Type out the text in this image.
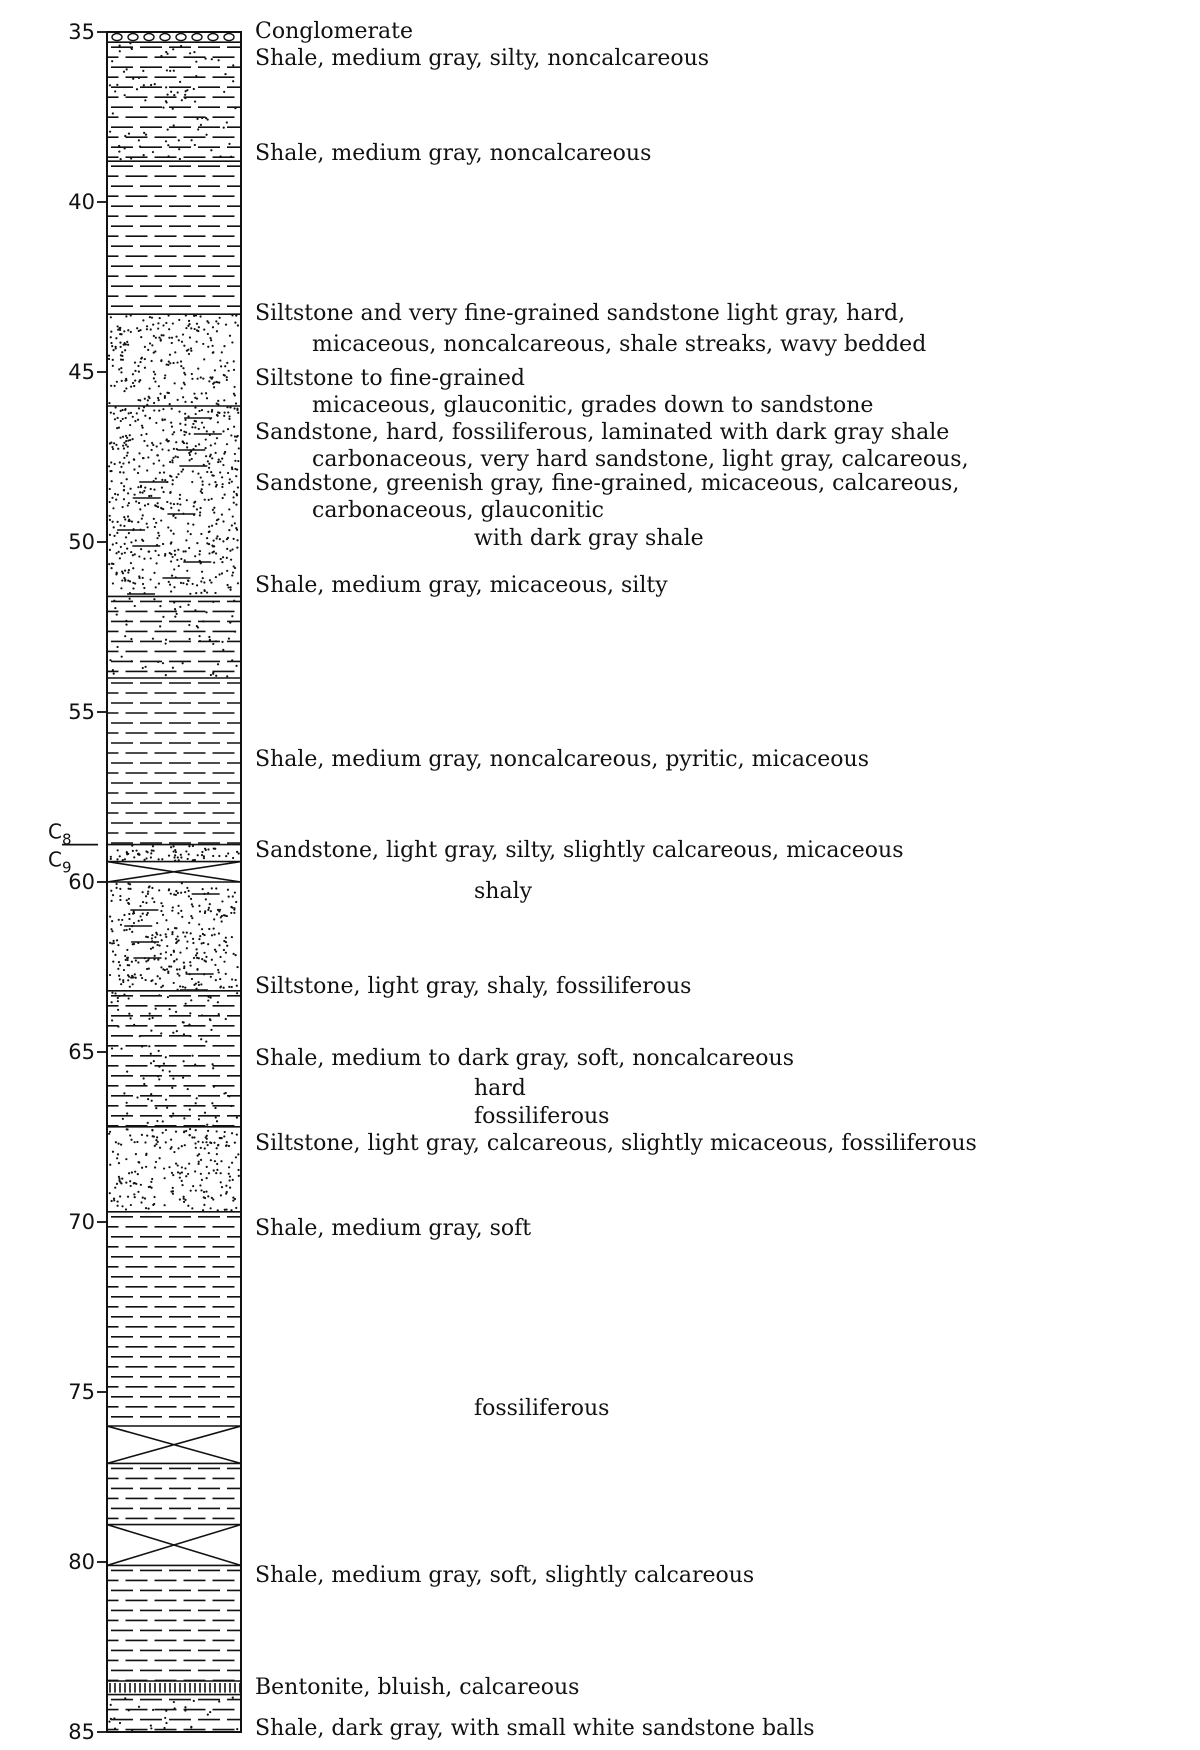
35
40
45
50
55
60
65
70
75
80
85
$C_8$
$C_9$
Conglomerate
Shale, medium gray, silty, noncalcareous
Shale, medium gray, noncalcareous
Siltstone and very fine-grained sandstone light gray, hard,
micaceous, noncalcareous, shale streaks, wavy bedded
Siltstone to fine-grained
micaceous, glauconitic, grades down to sandstone
Sandstone, hard, fossiliferous, laminated with dark gray shale
carbonaceous, very hard sandstone, light gray, calcareous,
Sandstone, greenish gray, fine-grained, micaceous, calcareous,
carbonaceous, glauconitic
with dark gray shale
Shale, medium gray, micaceous, silty
Shale, medium gray, noncalcareous, pyritic, micaceous
Sandstone, light gray, silty, slightly calcareous, micaceous
shaly
Siltstone, light gray, shaly, fossiliferous
Shale, medium to dark gray, soft, noncalcareous
hard
fossiliferous
Siltstone, light gray, calcareous, slightly micaceous, fossiliferous
Shale, medium gray, soft
fossiliferous
Shale, medium gray, soft, slightly calcareous
Bentonite, bluish, calcareous
Shale, dark gray, with small white sandstone balls
